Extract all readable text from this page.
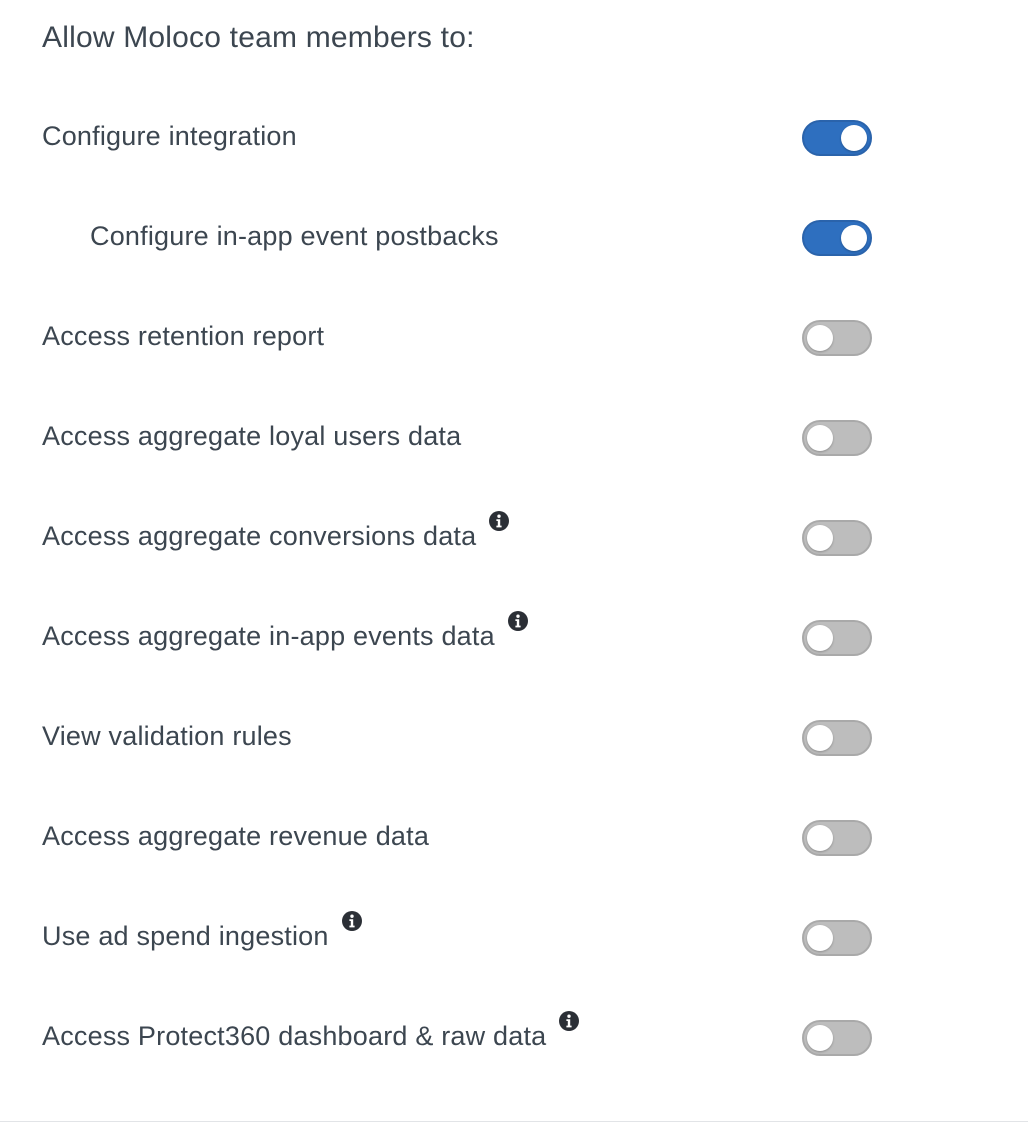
Allow Moloco team members to:
Configure integration
Configure in-app event postbacks
Access retention report
Access aggregate loyal users data
Access aggregate conversions data
Access aggregate in-app events data
View validation rules
Access aggregate revenue data
Use ad spend ingestion
Access Protect360 dashboard & raw data
